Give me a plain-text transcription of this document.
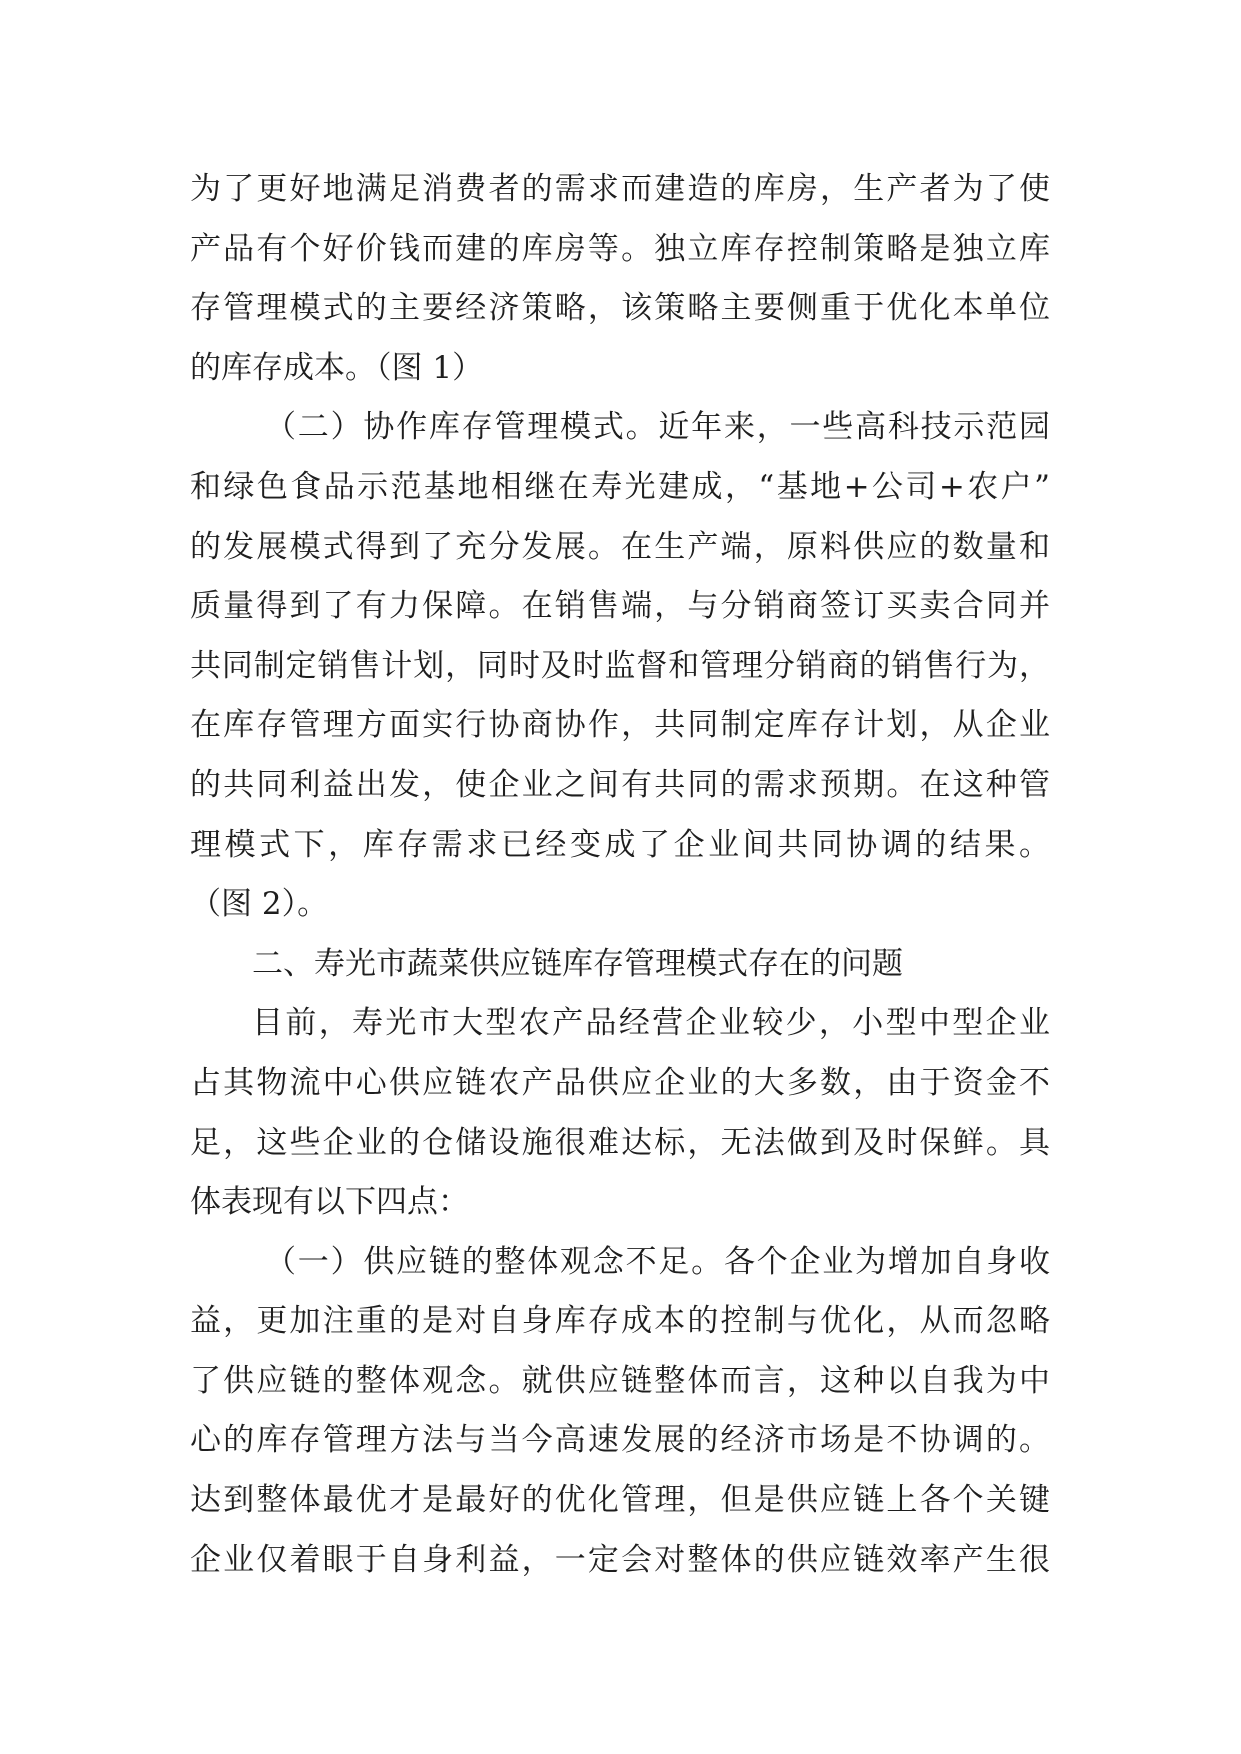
为了更好地满足消费者的需求而建造的库房，生产者为了使
产品有个好价钱而建的库房等。独立库存控制策略是独立库
存管理模式的主要经济策略，该策略主要侧重于优化本单位
的库存成本。（图 1）
（二）协作库存管理模式。近年来，一些高科技示范园
和绿色食品示范基地相继在寿光建成，“基地+公司+农户”
的发展模式得到了充分发展。在生产端，原料供应的数量和
质量得到了有力保障。在销售端，与分销商签订买卖合同并
共同制定销售计划，同时及时监督和管理分销商的销售行为，
在库存管理方面实行协商协作，共同制定库存计划，从企业
的共同利益出发，使企业之间有共同的需求预期。在这种管
理模式下，库存需求已经变成了企业间共同协调的结果。
（图 2）。
二、寿光市蔬菜供应链库存管理模式存在的问题
目前，寿光市大型农产品经营企业较少，小型中型企业
占其物流中心供应链农产品供应企业的大多数，由于资金不
足，这些企业的仓储设施很难达标，无法做到及时保鲜。具
体表现有以下四点：
（一）供应链的整体观念不足。各个企业为增加自身收
益，更加注重的是对自身库存成本的控制与优化，从而忽略
了供应链的整体观念。就供应链整体而言，这种以自我为中
心的库存管理方法与当今高速发展的经济市场是不协调的。
达到整体最优才是最好的优化管理，但是供应链上各个关键
企业仅着眼于自身利益，一定会对整体的供应链效率产生很
